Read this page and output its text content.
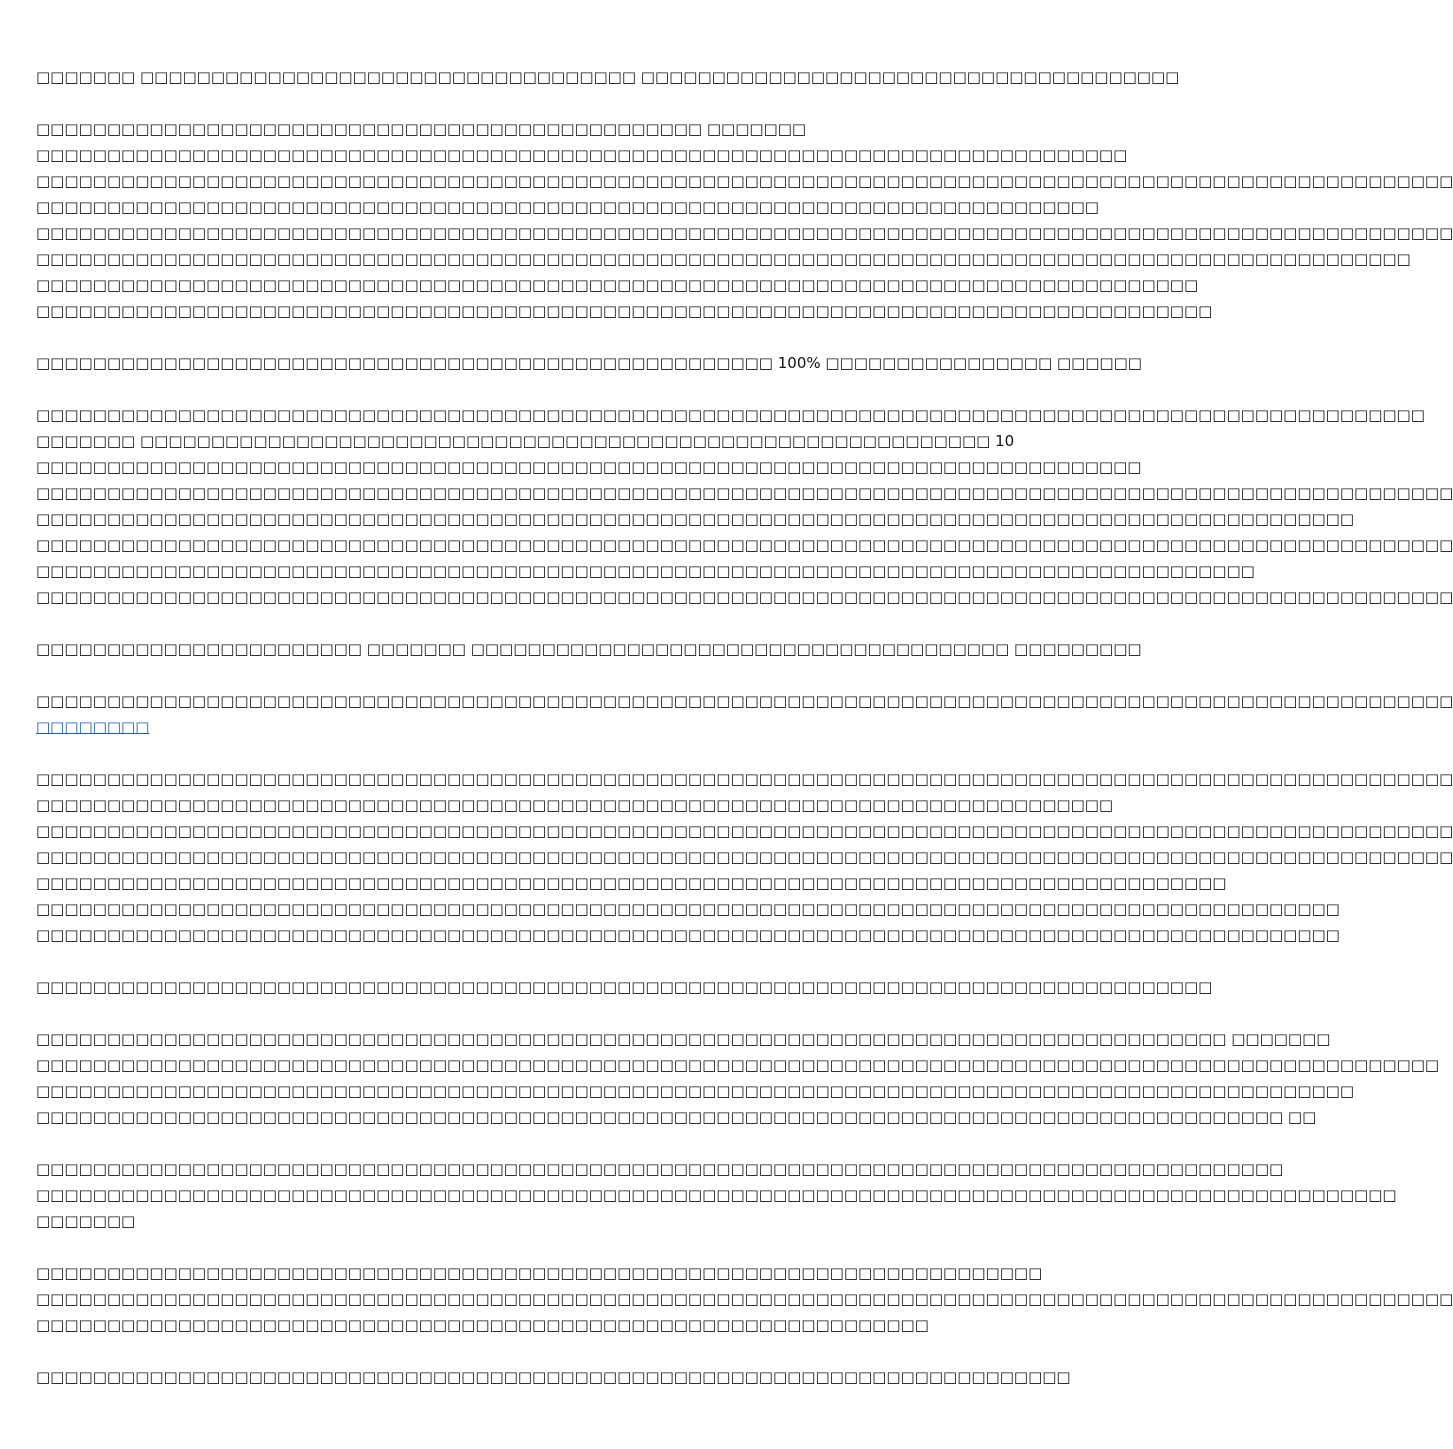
□□□□□□□ □□□□□□□□□□□□□□□□□□□□□□□□□□□□□□□□□□□ □□□□□□□□□□□□□□□□□□□□□□□□□□□□□□□□□□□□□□
□□□□□□□□□□□□□□□□□□□□□□□□□□□□□□□□□□□□□□□□□□□□□□□ □□□□□□□
□□□□□□□□□□□□□□□□□□□□□□□□□□□□□□□□□□□□□□□□□□□□□□□□□□□□□□□□□□□□□□□□□□□□□□□□□□□□□
□□□□□□□□□□□□□□□□□□□□□□□□□□□□□□□□□□□□□□□□□□□□□□□□□□□□□□□□□□□□□□□□□□□□□□□□□□□□□□□□□□□□□□□□□□□□□□□□□□□□
□□□□□□□□□□□□□□□□□□□□□□□□□□□□□□□□□□□□□□□□□□□□□□□□□□□□□□□□□□□□□□□□□□□□□□□□□□□
□□□□□□□□□□□□□□□□□□□□□□□□□□□□□□□□□□□□□□□□□□□□□□□□□□□□□□□□□□□□□□□□□□□□□□□□□□□□□□□□□□□□□□□□□□□□□□□□□□□□
□□□□□□□□□□□□□□□□□□□□□□□□□□□□□□□□□□□□□□□□□□□□□□□□□□□□□□□□□□□□□□□□□□□□□□□□□□□□□□□□□□□□□□□□□□□□□□□□□
□□□□□□□□□□□□□□□□□□□□□□□□□□□□□□□□□□□□□□□□□□□□□□□□□□□□□□□□□□□□□□□□□□□□□□□□□□□□□□□□□□
□□□□□□□□□□□□□□□□□□□□□□□□□□□□□□□□□□□□□□□□□□□□□□□□□□□□□□□□□□□□□□□□□□□□□□□□□□□□□□□□□□□
□□□□□□□□□□□□□□□□□□□□□□□□□□□□□□□□□□□□□□□□□□□□□□□□□□□□ 100% □□□□□□□□□□□□□□□□ □□□□□□
□□□□□□□□□□□□□□□□□□□□□□□□□□□□□□□□□□□□□□□□□□□□□□□□□□□□□□□□□□□□□□□□□□□□□□□□□□□□□□□□□□□□□□□□□□□□□□□□□□
□□□□□□□ □□□□□□□□□□□□□□□□□□□□□□□□□□□□□□□□□□□□□□□□□□□□□□□□□□□□□□□□□□□□ 10
□□□□□□□□□□□□□□□□□□□□□□□□□□□□□□□□□□□□□□□□□□□□□□□□□□□□□□□□□□□□□□□□□□□□□□□□□□□□□□
□□□□□□□□□□□□□□□□□□□□□□□□□□□□□□□□□□□□□□□□□□□□□□□□□□□□□□□□□□□□□□□□□□□□□□□□□□□□□□□□□□□□□□□□□□□□□□□□□□□□
□□□□□□□□□□□□□□□□□□□□□□□□□□□□□□□□□□□□□□□□□□□□□□□□□□□□□□□□□□□□□□□□□□□□□□□□□□□□□□□□□□□□□□□□□□□□□
□□□□□□□□□□□□□□□□□□□□□□□□□□□□□□□□□□□□□□□□□□□□□□□□□□□□□□□□□□□□□□□□□□□□□□□□□□□□□□□□□□□□□□□□□□□□□□□□□□□□
□□□□□□□□□□□□□□□□□□□□□□□□□□□□□□□□□□□□□□□□□□□□□□□□□□□□□□□□□□□□□□□□□□□□□□□□□□□□□□□□□□□□□□
□□□□□□□□□□□□□□□□□□□□□□□□□□□□□□□□□□□□□□□□□□□□□□□□□□□□□□□□□□□□□□□□□□□□□□□□□□□□□□□□□□□□□□□□□□□□□□□□□□□□
□□□□□□□□□□□□□□□□□□□□□□□ □□□□□□□ □□□□□□□□□□□□□□□□□□□□□□□□□□□□□□□□□□□□□□ □□□□□□□□□
□□□□□□□□□□□□□□□□□□□□□□□□□□□□□□□□□□□□□□□□□□□□□□□□□□□□□□□□□□□□□□□□□□□□□□□□□□□□□□□□□□□□□□□□□□□□□□□□□□□□
□□□□□□□□
□□□□□□□□□□□□□□□□□□□□□□□□□□□□□□□□□□□□□□□□□□□□□□□□□□□□□□□□□□□□□□□□□□□□□□□□□□□□□□□□□□□□□□□□□□□□□□□□□□□□
□□□□□□□□□□□□□□□□□□□□□□□□□□□□□□□□□□□□□□□□□□□□□□□□□□□□□□□□□□□□□□□□□□□□□□□□□□□□
□□□□□□□□□□□□□□□□□□□□□□□□□□□□□□□□□□□□□□□□□□□□□□□□□□□□□□□□□□□□□□□□□□□□□□□□□□□□□□□□□□□□□□□□□□□□□□□□□□□□
□□□□□□□□□□□□□□□□□□□□□□□□□□□□□□□□□□□□□□□□□□□□□□□□□□□□□□□□□□□□□□□□□□□□□□□□□□□□□□□□□□□□□□□□□□□□□□□□□□□□
□□□□□□□□□□□□□□□□□□□□□□□□□□□□□□□□□□□□□□□□□□□□□□□□□□□□□□□□□□□□□□□□□□□□□□□□□□□□□□□□□□□□
□□□□□□□□□□□□□□□□□□□□□□□□□□□□□□□□□□□□□□□□□□□□□□□□□□□□□□□□□□□□□□□□□□□□□□□□□□□□□□□□□□□□□□□□□□□□
□□□□□□□□□□□□□□□□□□□□□□□□□□□□□□□□□□□□□□□□□□□□□□□□□□□□□□□□□□□□□□□□□□□□□□□□□□□□□□□□□□□□□□□□□□□□
□□□□□□□□□□□□□□□□□□□□□□□□□□□□□□□□□□□□□□□□□□□□□□□□□□□□□□□□□□□□□□□□□□□□□□□□□□□□□□□□□□□
□□□□□□□□□□□□□□□□□□□□□□□□□□□□□□□□□□□□□□□□□□□□□□□□□□□□□□□□□□□□□□□□□□□□□□□□□□□□□□□□□□□□ □□□□□□□
□□□□□□□□□□□□□□□□□□□□□□□□□□□□□□□□□□□□□□□□□□□□□□□□□□□□□□□□□□□□□□□□□□□□□□□□□□□□□□□□□□□□□□□□□□□□□□□□□□□
□□□□□□□□□□□□□□□□□□□□□□□□□□□□□□□□□□□□□□□□□□□□□□□□□□□□□□□□□□□□□□□□□□□□□□□□□□□□□□□□□□□□□□□□□□□□□
□□□□□□□□□□□□□□□□□□□□□□□□□□□□□□□□□□□□□□□□□□□□□□□□□□□□□□□□□□□□□□□□□□□□□□□□□□□□□□□□□□□□□□□□ □□
□□□□□□□□□□□□□□□□□□□□□□□□□□□□□□□□□□□□□□□□□□□□□□□□□□□□□□□□□□□□□□□□□□□□□□□□□□□□□□□□□□□□□□□□
□□□□□□□□□□□□□□□□□□□□□□□□□□□□□□□□□□□□□□□□□□□□□□□□□□□□□□□□□□□□□□□□□□□□□□□□□□□□□□□□□□□□□□□□□□□□□□□□
□□□□□□□
□□□□□□□□□□□□□□□□□□□□□□□□□□□□□□□□□□□□□□□□□□□□□□□□□□□□□□□□□□□□□□□□□□□□□□□
□□□□□□□□□□□□□□□□□□□□□□□□□□□□□□□□□□□□□□□□□□□□□□□□□□□□□□□□□□□□□□□□□□□□□□□□□□□□□□□□□□□□□□□□□□□□□□□□□□□□
□□□□□□□□□□□□□□□□□□□□□□□□□□□□□□□□□□□□□□□□□□□□□□□□□□□□□□□□□□□□□□□
□□□□□□□□□□□□□□□□□□□□□□□□□□□□□□□□□□□□□□□□□□□□□□□□□□□□□□□□□□□□□□□□□□□□□□□□□
